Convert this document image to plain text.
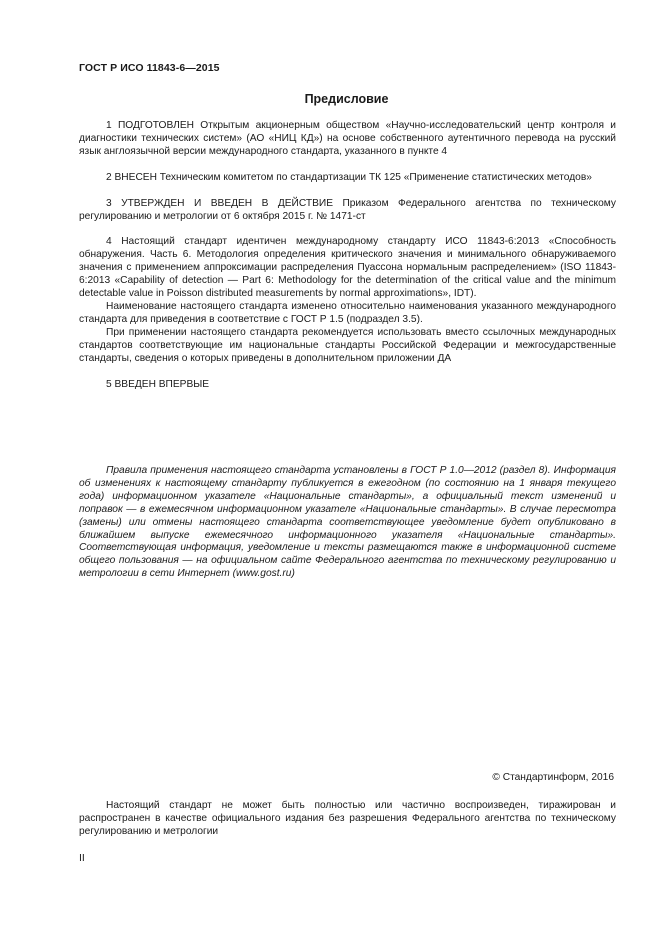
ГОСТ Р ИСО 11843-6—2015
Предисловие

1 ПОДГОТОВЛЕН Открытым акционерным обществом «Научно-исследовательский центр контроля и диагностики технических систем» (АО «НИЦ КД») на основе собственного аутентичного перевода на русский язык англоязычной версии международного стандарта, указанного в пункте 4

2 ВНЕСЕН Техническим комитетом по стандартизации ТК 125 «Применение статистических методов»

3 УТВЕРЖДЕН И ВВЕДЕН В ДЕЙСТВИЕ Приказом Федерального агентства по техническому регулированию и метрологии от 6 октября 2015 г. № 1471-ст

4 Настоящий стандарт идентичен международному стандарту ИСО 11843-6:2013 «Способность обнаружения. Часть 6. Методология определения критического значения и минимального обнаруживаемого значения с применением аппроксимации распределения Пуассона нормальным распределением» (ISO 11843-6:2013 «Capability of detection — Part 6: Methodology for the determination of the critical value and the minimum detectable value in Poisson distributed measurements by normal approximations», IDT).

Наименование настоящего стандарта изменено относительно наименования указанного международного стандарта для приведения в соответствие с ГОСТ Р 1.5 (подраздел 3.5).

При применении настоящего стандарта рекомендуется использовать вместо ссылочных международных стандартов соответствующие им национальные стандарты Российской Федерации и межгосударственные стандарты, сведения о которых приведены в дополнительном приложении ДА

5 ВВЕДЕН ВПЕРВЫЕ

Правила применения настоящего стандарта установлены в ГОСТ Р 1.0—2012 (раздел 8). Информация об изменениях к настоящему стандарту публикуется в ежегодном (по состоянию на 1 января текущего года) информационном указателе «Национальные стандарты», а официальный текст изменений и поправок — в ежемесячном информационном указателе «Национальные стандарты». В случае пересмотра (замены) или отмены настоящего стандарта соответствующее уведомление будет опубликовано в ближайшем выпуске ежемесячного информационного указателя «Национальные стандарты». Соответствующая информация, уведомление и тексты размещаются также в информационной системе общего пользования — на официальном сайте Федерального агентства по техническому регулированию и метрологии в сети Интернет (www.gost.ru)

© Стандартинформ, 2016

Настоящий стандарт не может быть полностью или частично воспроизведен, тиражирован и распространен в качестве официального издания без разрешения Федерального агентства по техническому регулированию и метрологии

II
